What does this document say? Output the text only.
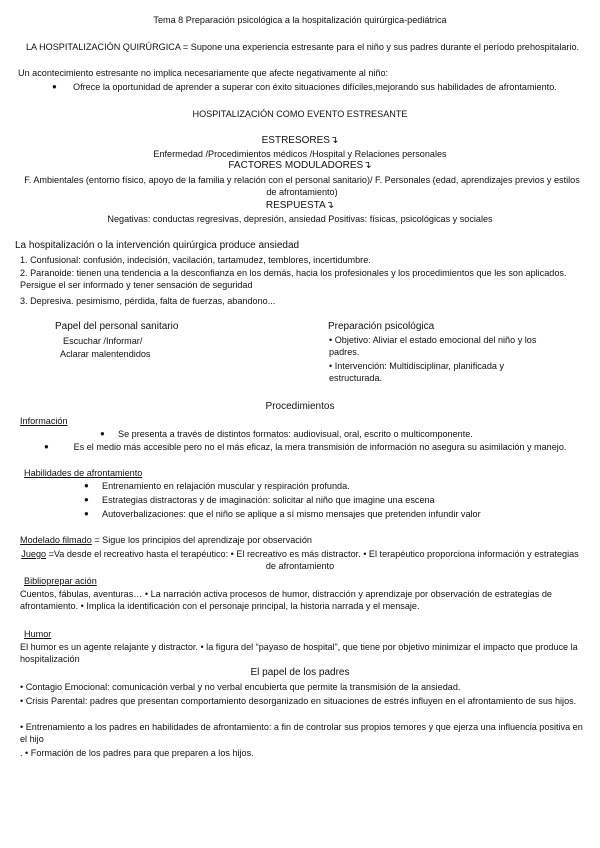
Tema 8 Preparación psicológica a la hospitalización quirúrgica-pediátrica
LA HOSPITALIZACIÓN QUIRÚRGICA = Supone una experiencia estresante para el niño y sus padres durante el período prehospitalario.
Un acontecimiento estresante no implica necesariamente que afecte negativamente al niño:
● Ofrece la oportunidad de aprender a superar con éxito situaciones difíciles,mejorando sus habilidades de afrontamiento.
HOSPITALIZACIÓN COMO EVENTO ESTRESANTE
ESTRESORES↴
Enfermedad /Procedimientos médicos /Hospital y Relaciones personales
FACTORES MODULADORES↴
F. Ambientales (entorno físico, apoyo de la familia y relación con el personal sanitario)/ F. Personales (edad, aprendizajes previos y estilos de afrontamiento)
RESPUESTA↴
Negativas: conductas regresivas, depresión, ansiedad Positivas: físicas, psicológicas y sociales
La hospitalización o la intervención quirúrgica produce ansiedad
1. Confusional: confusión, indecisión, vacilación, tartamudez, temblores, incertidumbre.
2. Paranoide: tienen una tendencia a la desconfianza en los demás, hacia los profesionales y los procedimientos que les son aplicados. Persigue el ser informado y tener sensación de seguridad
3. Depresiva. pesimismo, pérdida, falta de fuerzas, abandono...
Papel del personal sanitario
Escuchar /Informar/
Aclarar malentendidos
Preparación psicológica
• Objetivo: Aliviar el estado emocional del niño y los padres.
• Intervención: Multidisciplinar, planificada y estructurada.
Procedimientos
Información
● Se presenta a través de distintos formatos: audiovisual, oral, escrito o multicomponente.
●	Es el medio más accesible pero no el más eficaz, la mera transmisión de información no asegura su asimilación y manejo.
Habilidades de afrontamiento
● Entrenamiento en relajación muscular y respiración profunda.
● Estrategias distractoras y de imaginación: solicitar al niño que imagine una escena
● Autoverbalizaciones: que el niño se aplique a sí mismo mensajes que pretenden infundir valor
Modelado filmado = Sigue los principios del aprendizaje por observación
Juego =Va desde el recreativo hasta el terapéutico: • El recreativo es más distractor. • El terapéutico proporciona información y estrategias de afrontamiento
Biblioprepar ación
Cuentos, fábulas, aventuras… • La narración activa procesos de humor, distracción y aprendizaje por observación de estrategias de afrontamiento. • Implica la identificación con el personaje principal, la historia narrada y el mensaje.
Humor
El humor es un agente relajante y distractor. • la figura del “payaso de hospital”, que tiene por objetivo minimizar el impacto que produce la hospitalización
El papel de los padres
• Contagio Emocional: comunicación verbal y no verbal encubierta que permite la transmisión de la ansiedad.
• Crisis Parental: padres que presentan comportamiento desorganizado en situaciones de estrés influyen en el afrontamiento de sus hijos.
• Entrenamiento a los padres en habilidades de afrontamiento: a fin de controlar sus propios temores y que ejerza una influencia positiva en el hijo
. • Formación de los padres para que preparen a los hijos.
